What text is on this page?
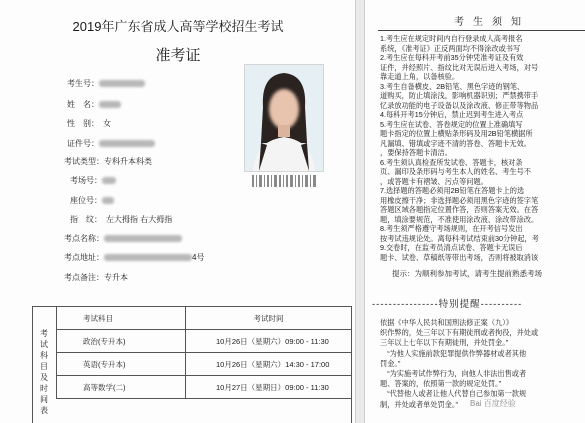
2019年广东省成人高等学校招生考试
准考证
考生号：
姓　名：
性　别： 女
证件号：
考试类型：专科升本科类
考场号：
座位号：
指　纹： 左大拇指 右大拇指
考点名称：
考点地址：	4号
考点备注：专升本
考
试
科
目
及
时
间
表
考试科目	考试时间
政治(专升本)	10月26日（星期六）09:00 - 11:30
英语(专升本)	10月26日（星期六）14:30 - 17:00
高等数学(二)	10月27日（星期日）09:00 - 11:30
考生须知

1.考生应在规定时间内自行登录成人高考报名

系统，《准考证》正反两面均不得涂改或书写

2.考生应在每科开考前35分钟凭准考证及有效

证件，并经照片、指纹比对无误后进入考场，对号

靠走道上角，以备核验。

3.考生自备横皮、2B铅笔、黑色字迹的钢笔、

道购买，防止填涂浅，影响机器识别；严禁携带手

忆录放功能的电子设备以及涂改液、修正带等物品

4.每科开考15分钟后，禁止迟到考生进入考点

5.考生应在试卷、答卷规定的位置上准确填写

题卡指定的位置上横贴条形码及用2B铅笔横据所

凡漏填、错填或字迹不清的答卷、答题卡无效。

，要保持答题卡清洁。

6.考生须认真检查所发试卷、答题卡，核对条

页、漏印及条形码与考生本人的姓名、考生号不

，或答题卡有褶皱、污点等问题。

7.选择题的答题必须用2B铅笔在答题卡上的选

用橡皮擦干净；非选择题必须用黑色字迹的签字笔

答题区域各题指定位置作答，否则答案无效。在答

题，填涂要规范，不准使用涂改液、涂改带涂改。

8.考生须严格遵守考场规则，在开考信号发出

按考试违规论处。离每科考试结束前30分钟起，考

9.交卷时，在监考员清点试卷、答题卡无误后

题卡、试卷、草稿纸等带出考场，否则将被取消该

提示：为顺利参加考试，请考生提前熟悉考场
----------------特别提醒----------

依据《中华人民共和国刑法修正案（九）》

织作弊的，处三年以下有期徒刑或者拘役，并处或

三年以上七年以下有期徒刑，并处罚金。”

　“为他人实施前款犯罪提供作弊器材或者其他

罚金。”

　“为实施考试作弊行为，向他人非法出售或者

题、答案的，依照第一款的规定处罚。”

　“代替他人或者让他人代替自己参加第一款规

制，并处或者单处罚金。”	Bai 百度经验
